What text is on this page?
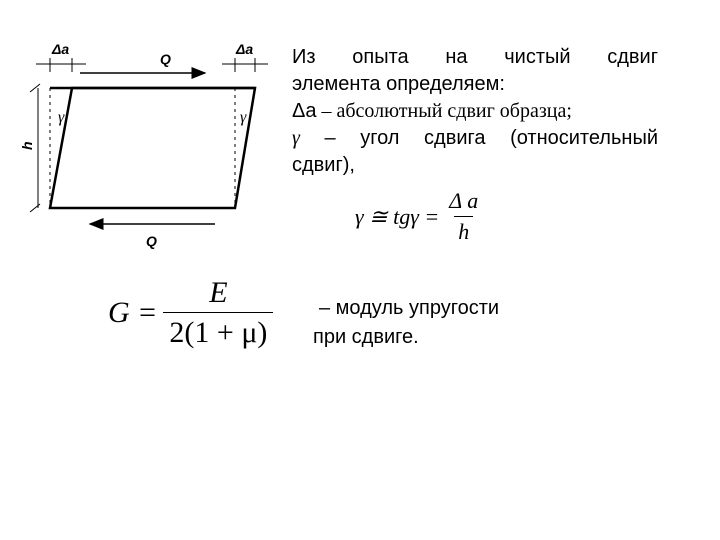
Δa	Δa
Q
Q
h
γ	γ

Из опыта на чистый сдвиг

элемента определяем:

Δа – абсолютный сдвиг образца;

γ – угол сдвига (относительный

сдвиг),

γ ≅ $tg\gamma = \frac{\text{Δ a}}{h}$
$G = \frac{E}{2(1 + \mu)}$	– модуль упругости
при сдвиге.
